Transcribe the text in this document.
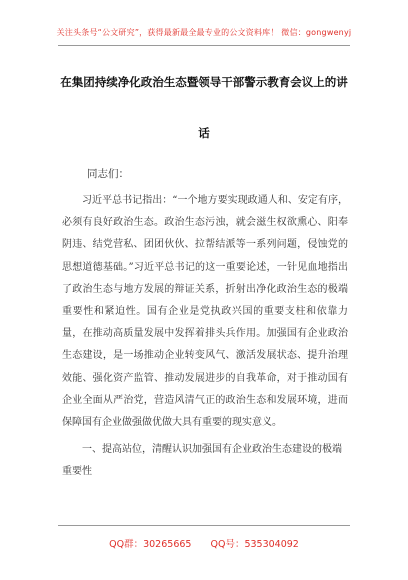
关注头条号“公文研究”，获得最新最全最专业的公文资料库！ 微信：gongwenyj
在集团持续净化政治生态暨领导干部警示教育会议上的讲
话
同志们：

习近平总书记指出：“一个地方要实现政通人和、安定有序，必须有良好政治生态。政治生态污浊，就会滋生权欲熏心、阳奉阴违、结党营私、团团伙伙、拉帮结派等一系列问题，侵蚀党的思想道德基础。”习近平总书记的这一重要论述，一针见血地指出了政治生态与地方发展的辩证关系，折射出净化政治生态的极端重要性和紧迫性。国有企业是党执政兴国的重要支柱和依靠力量，在推动高质量发展中发挥着排头兵作用。加强国有企业政治生态建设，是一场推动企业转变风气、激活发展状态、提升治理效能、强化资产监管、推动发展进步的自我革命，对于推动国有企业全面从严治党，营造风清气正的政治生态和发展环境，进而保障国有企业做强做优做大具有重要的现实意义。

一、提高站位，清醒认识加强国有企业政治生态建设的极端重要性

QQ群：30265665 QQ号：535304092
